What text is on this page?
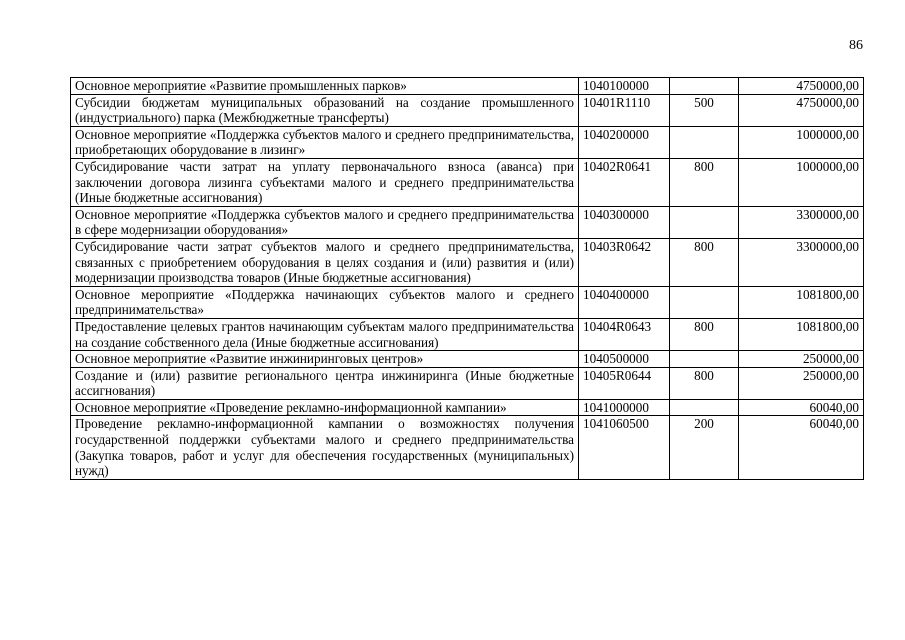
86
Основное мероприятие «Развитие промышленных парков»	1040100000		4750000,00
Субсидии бюджетам муниципальных образований на создание промышленного (индустриального) парка (Межбюджетные трансферты)	10401R1110	500	4750000,00
Основное мероприятие «Поддержка субъектов малого и среднего предпринимательства, приобретающих оборудование в лизинг»	1040200000		1000000,00
Субсидирование части затрат на уплату первоначального взноса (аванса) при заключении договора лизинга субъектами малого и среднего предпринимательства (Иные бюджетные ассигнования)	10402R0641	800	1000000,00
Основное мероприятие «Поддержка субъектов малого и среднего предпринимательства в сфере модернизации оборудования»	1040300000		3300000,00
Субсидирование части затрат субъектов малого и среднего предпринимательства, связанных с приобретением оборудования в целях создания и (или) развития и (или) модернизации производства товаров (Иные бюджетные ассигнования)	10403R0642	800	3300000,00
Основное мероприятие «Поддержка начинающих субъектов малого и среднего предпринимательства»	1040400000		1081800,00
Предоставление целевых грантов начинающим субъектам малого предпринимательства на создание собственного дела (Иные бюджетные ассигнования)	10404R0643	800	1081800,00
Основное мероприятие «Развитие инжиниринговых центров»	1040500000		250000,00
Создание и (или) развитие регионального центра инжиниринга (Иные бюджетные ассигнования)	10405R0644	800	250000,00
Основное мероприятие «Проведение рекламно-информационной кампании»	1041000000		60040,00
Проведение рекламно-информационной кампании о возможностях получения государственной поддержки субъектами малого и среднего предпринимательства (Закупка товаров, работ и услуг для обеспечения государственных (муниципальных) нужд)	1041060500	200	60040,00
